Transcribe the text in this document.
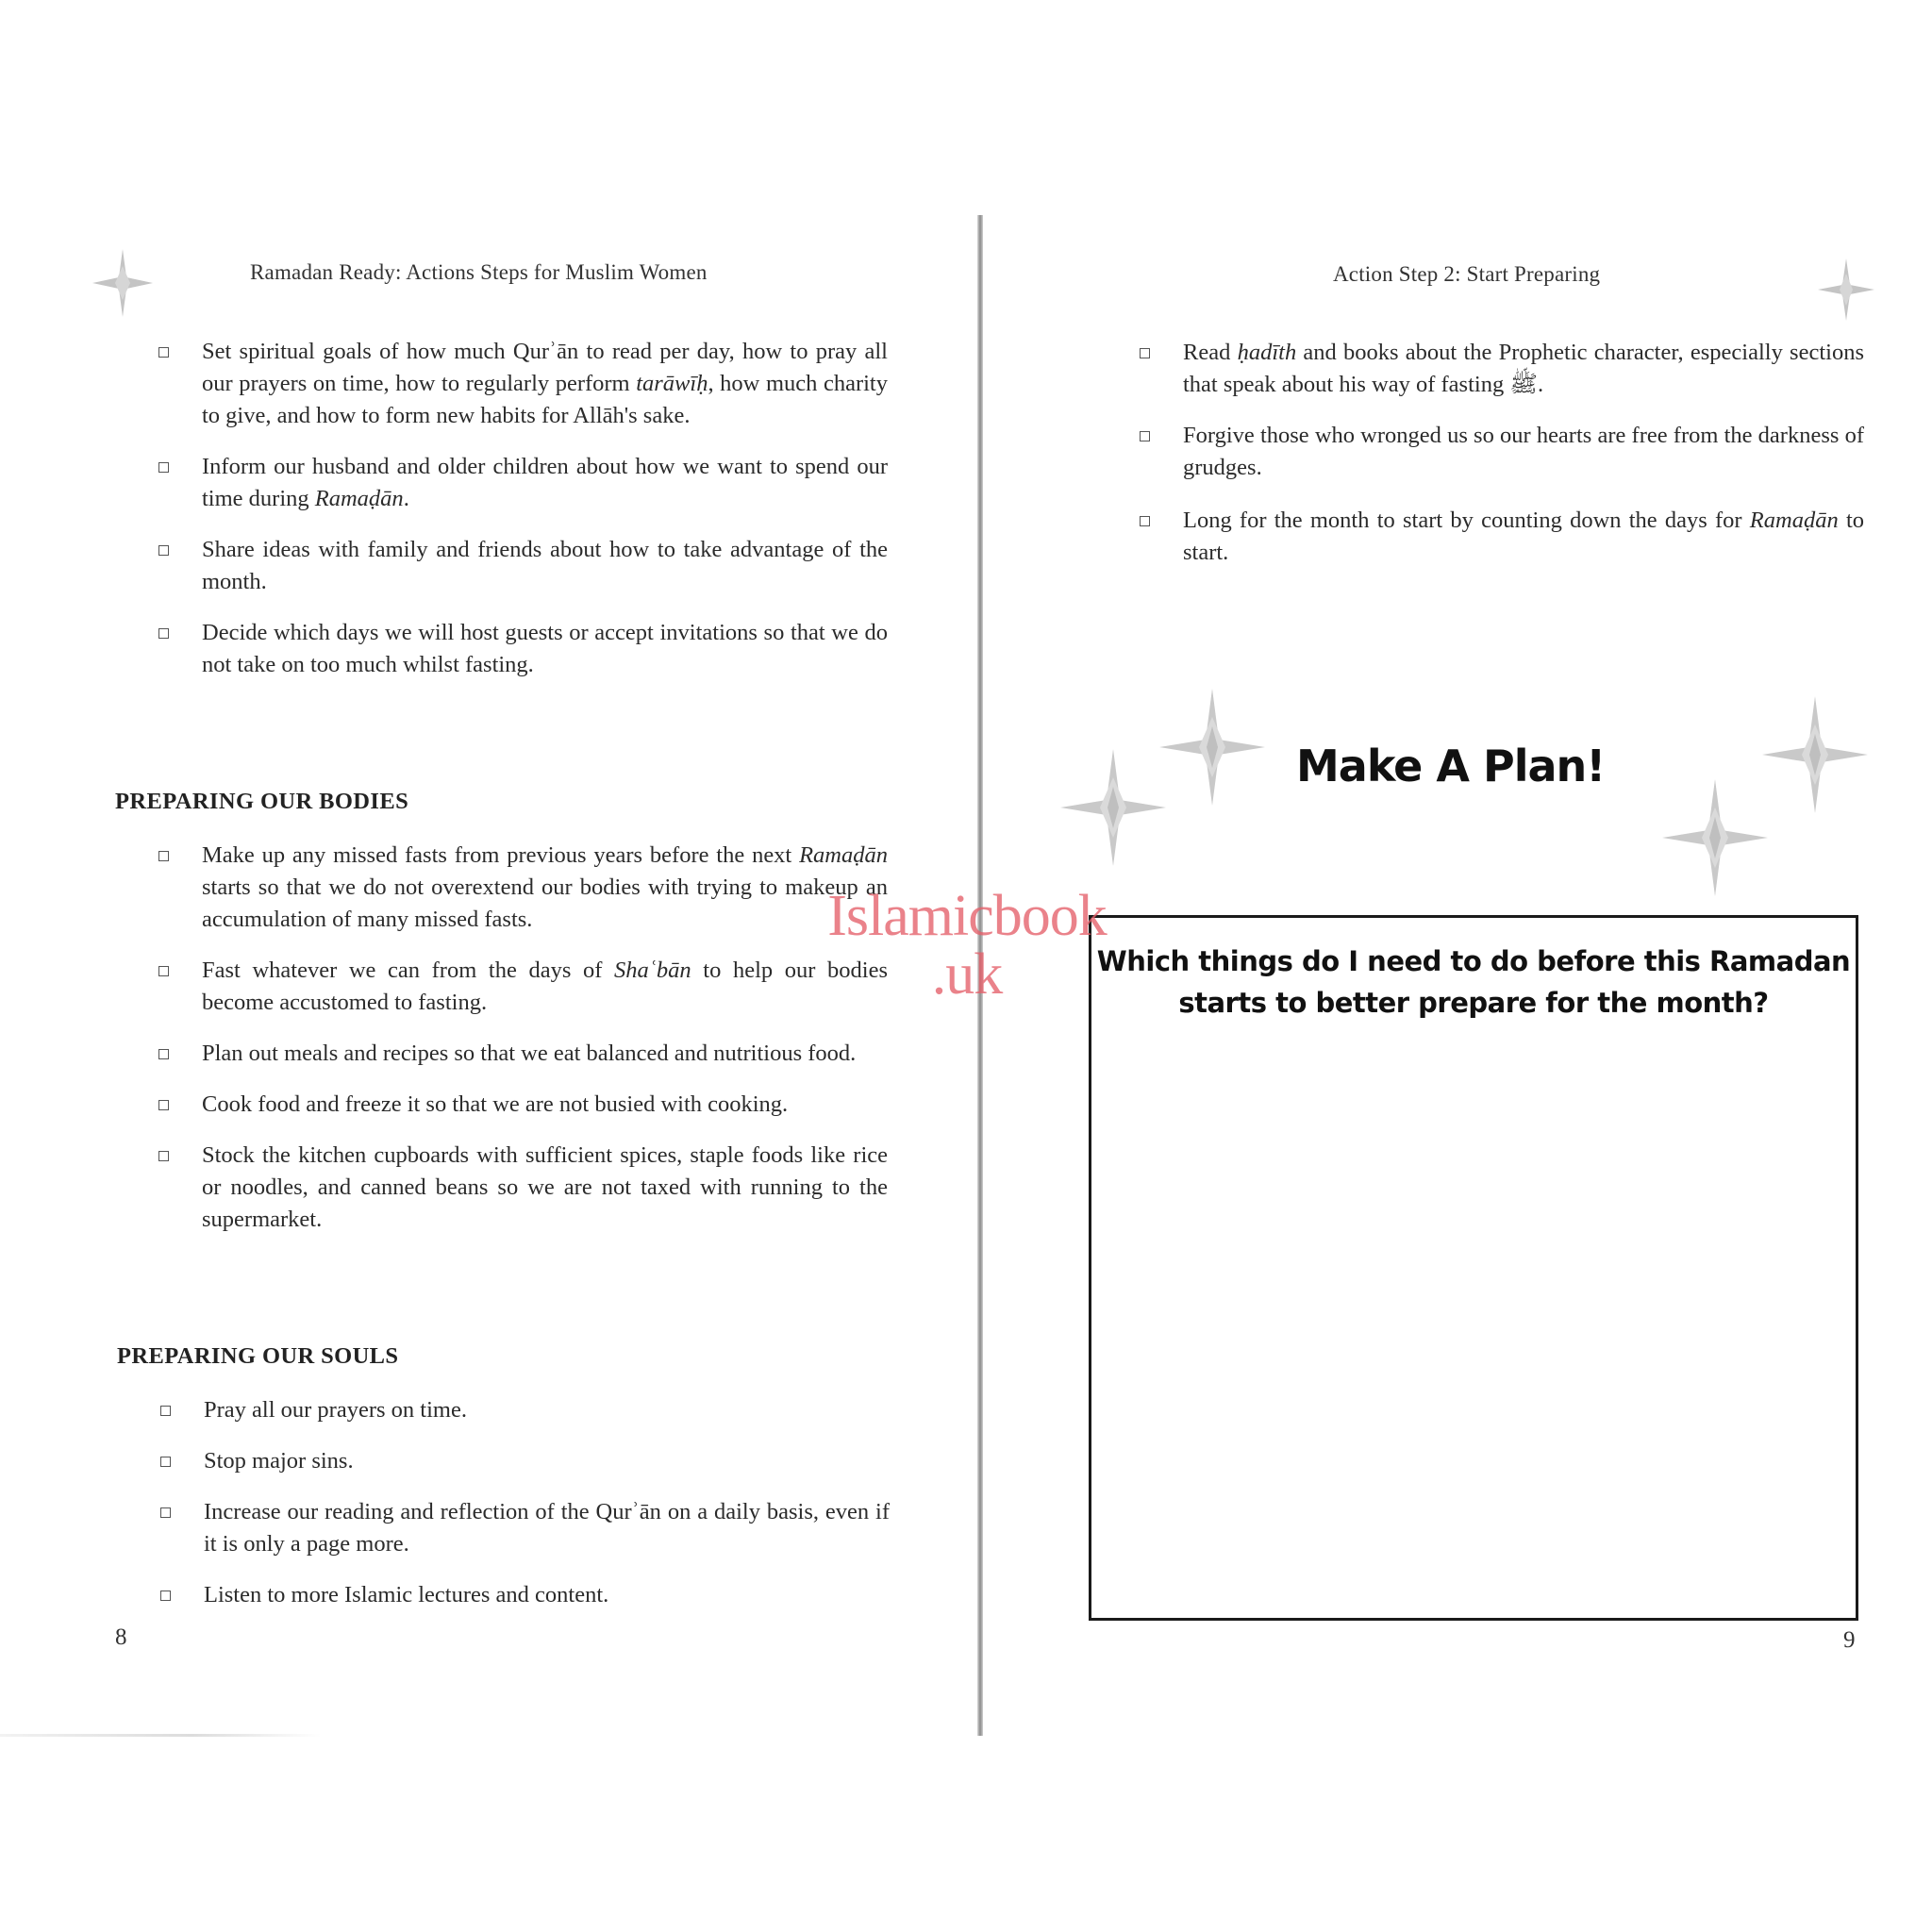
Ramadan Ready: Actions Steps for Muslim Women
Set spiritual goals of how much Qurʾān to read per day, how to pray all our prayers on time, how to regularly perform tarāwīḥ, how much charity to give, and how to form new habits for Allāh's sake.
Inform our husband and older children about how we want to spend our time during Ramaḍān.
Share ideas with family and friends about how to take advantage of the month.
Decide which days we will host guests or accept invitations so that we do not take on too much whilst fasting.
PREPARING OUR BODIES
Make up any missed fasts from previous years before the next Ramaḍān starts so that we do not overextend our bodies with trying to makeup an accumulation of many missed fasts.
Fast whatever we can from the days of Shaʿbān to help our bodies become accustomed to fasting.
Plan out meals and recipes so that we eat balanced and nutritious food.
Cook food and freeze it so that we are not busied with cooking.
Stock the kitchen cupboards with sufficient spices, staple foods like rice or noodles, and canned beans so we are not taxed with running to the supermarket.
PREPARING OUR SOULS
Pray all our prayers on time.
Stop major sins.
Increase our reading and reflection of the Qurʾān on a daily basis, even if it is only a page more.
Listen to more Islamic lectures and content.
8
Action Step 2: Start Preparing
Read ḥadīth and books about the Prophetic character, especially sections that speak about his way of fasting ﷺ.
Forgive those who wronged us so our hearts are free from the darkness of grudges.
Long for the month to start by counting down the days for Ramaḍān to start.
Make A Plan!
Which things do I need to do before this Ramadan starts to better prepare for the month?
9
Islamicbook
.uk
